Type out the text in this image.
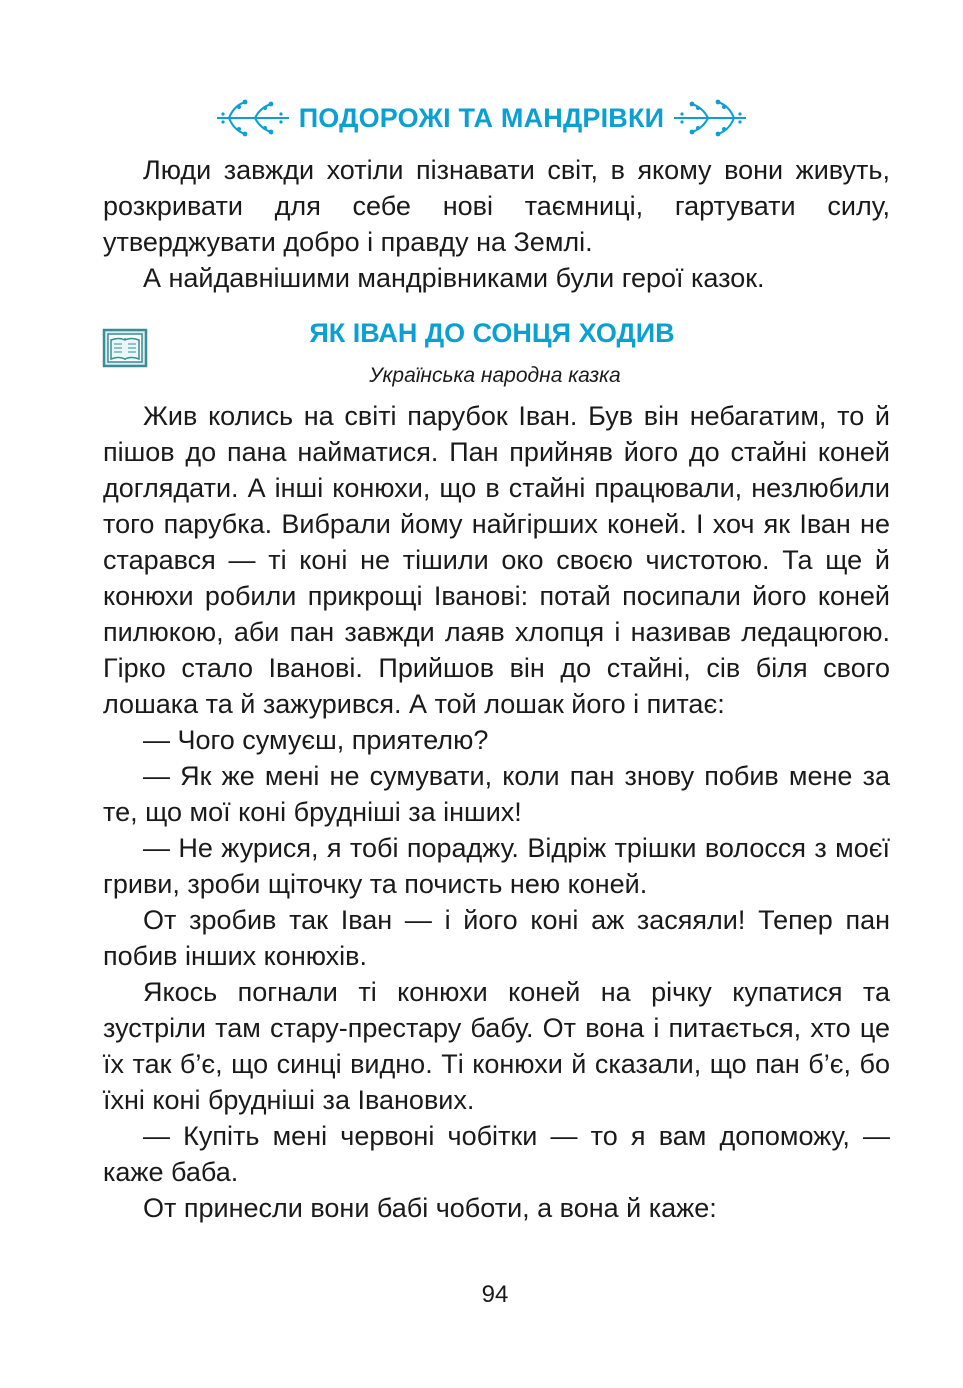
ПОДОРОЖІ ТА МАНДРІВКИ

Люди завжди хотіли пізнавати світ, в якому вони живуть, розкривати для себе нові таємниці, гартувати силу, утверджувати добро і правду на Землі.

А найдавнішими мандрівниками були герої казок.

ЯК ІВАН ДО СОНЦЯ ХОДИВ
Українська народна казка

Жив колись на світі парубок Іван. Був він небагатим, то й пішов до пана найматися. Пан прийняв його до стайні коней доглядати. А інші конюхи, що в стайні працювали, незлюбили того парубка. Вибрали йому найгірших коней. І хоч як Іван не старався — ті коні не тішили око своєю чистотою. Та ще й конюхи робили прикрощі Іванові: потай посипали його коней пилюкою, аби пан завжди лаяв хлопця і називав ледацюгою. Гірко стало Іванові. Прийшов він до стайні, сів біля свого лошака та й зажурився. А той лошак його і питає:

— Чого сумуєш, приятелю?

— Як же мені не сумувати, коли пан знову побив мене за те, що мої коні брудніші за інших!

— Не журися, я тобі пораджу. Відріж трішки волосся з моєї гриви, зроби щіточку та почисть нею коней.

От зробив так Іван — і його коні аж засяяли! Тепер пан побив інших конюхів.

Якось погнали ті конюхи коней на річку купатися та зустріли там стару-престару бабу. От вона і питається, хто це їх так б’є, що синці видно. Ті конюхи й сказали, що пан б’є, бо їхні коні брудніші за Іванових.

— Купіть мені червоні чобітки — то я вам допоможу, — каже баба.

От принесли вони бабі чоботи, а вона й каже:

94
